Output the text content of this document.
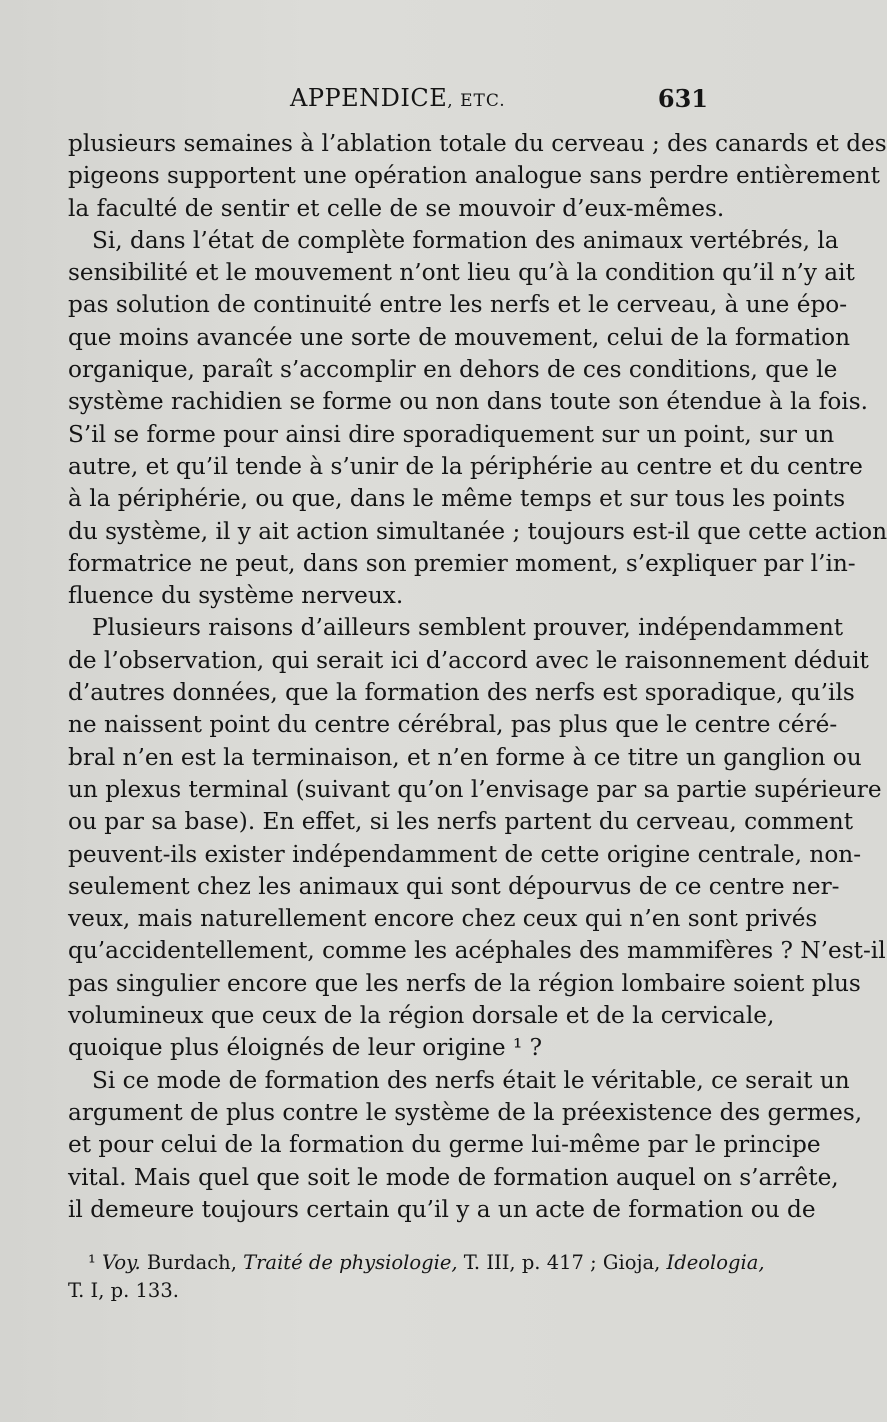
APPENDICE, ETC.	631
plusieurs semaines à l’ablation totale du cerveau ; des canards et des
pigeons supportent une opération analogue sans perdre entièrement
la faculté de sentir et celle de se mouvoir d’eux-mêmes.
Si, dans l’état de complète formation des animaux vertébrés, la
sensibilité et le mouvement n’ont lieu qu’à la condition qu’il n’y ait
pas solution de continuité entre les nerfs et le cerveau, à une épo-
que moins avancée une sorte de mouvement, celui de la formation
organique, paraît s’accomplir en dehors de ces conditions, que le
système rachidien se forme ou non dans toute son étendue à la fois.
S’il se forme pour ainsi dire sporadiquement sur un point, sur un
autre, et qu’il tende à s’unir de la périphérie au centre et du centre
à la périphérie, ou que, dans le même temps et sur tous les points
du système, il y ait action simultanée ; toujours est-il que cette action
formatrice ne peut, dans son premier moment, s’expliquer par l’in-
fluence du système nerveux.
Plusieurs raisons d’ailleurs semblent prouver, indépendamment
de l’observation, qui serait ici d’accord avec le raisonnement déduit
d’autres données, que la formation des nerfs est sporadique, qu’ils
ne naissent point du centre cérébral, pas plus que le centre céré-
bral n’en est la terminaison, et n’en forme à ce titre un ganglion ou
un plexus terminal (suivant qu’on l’envisage par sa partie supérieure
ou par sa base). En effet, si les nerfs partent du cerveau, comment
peuvent-ils exister indépendamment de cette origine centrale, non-
seulement chez les animaux qui sont dépourvus de ce centre ner-
veux, mais naturellement encore chez ceux qui n’en sont privés
qu’accidentellement, comme les acéphales des mammifères ? N’est-il
pas singulier encore que les nerfs de la région lombaire soient plus
volumineux que ceux de la région dorsale et de la cervicale,
quoique plus éloignés de leur origine ¹ ?
Si ce mode de formation des nerfs était le véritable, ce serait un
argument de plus contre le système de la préexistence des germes,
et pour celui de la formation du germe lui-même par le principe
vital. Mais quel que soit le mode de formation auquel on s’arrête,
il demeure toujours certain qu’il y a un acte de formation ou de
¹ Voy. Burdach, Traité de physiologie, T. III, p. 417 ; Gioja, Ideologia,
T. I, p. 133.
